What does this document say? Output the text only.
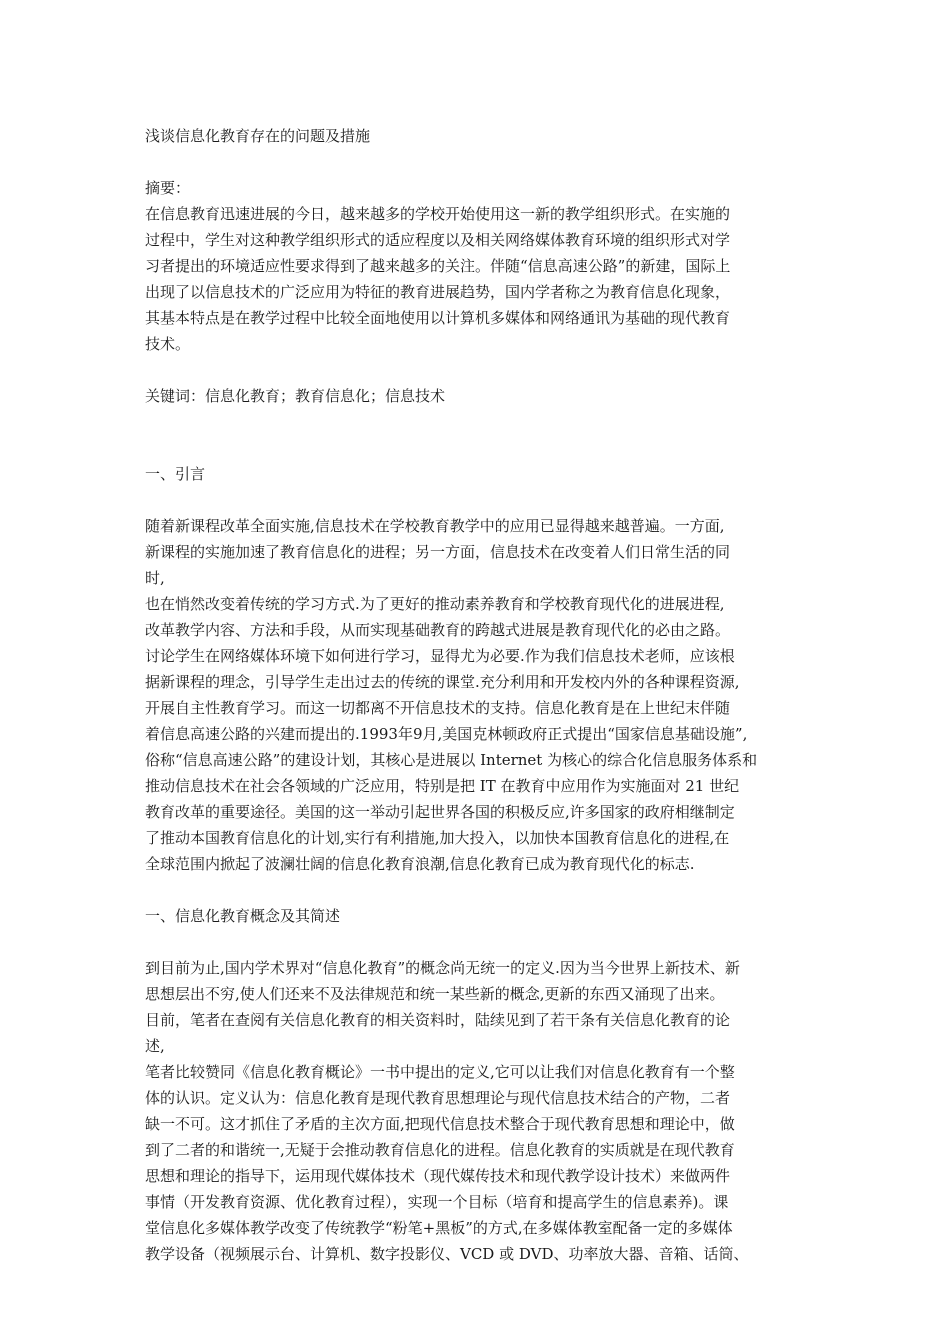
浅谈信息化教育存在的问题及措施
摘要：
在信息教育迅速进展的今日，越来越多的学校开始使用这一新的教学组织形式。在实施的
过程中，学生对这种教学组织形式的适应程度以及相关网络媒体教育环境的组织形式对学
习者提出的环境适应性要求得到了越来越多的关注。伴随“信息高速公路”的新建，国际上
出现了以信息技术的广泛应用为特征的教育进展趋势，国内学者称之为教育信息化现象，
其基本特点是在教学过程中比较全面地使用以计算机多媒体和网络通讯为基础的现代教育
技术。
关键词：信息化教育；教育信息化；信息技术
一、引言
随着新课程改革全面实施,信息技术在学校教育教学中的应用已显得越来越普遍。一方面,
新课程的实施加速了教育信息化的进程；另一方面，信息技术在改变着人们日常生活的同
时,
也在悄然改变着传统的学习方式.为了更好的推动素养教育和学校教育现代化的进展进程,
改革教学内容、方法和手段，从而实现基础教育的跨越式进展是教育现代化的必由之路。
讨论学生在网络媒体环境下如何进行学习，显得尤为必要.作为我们信息技术老师，应该根
据新课程的理念，引导学生走出过去的传统的课堂.充分利用和开发校内外的各种课程资源,
开展自主性教育学习。而这一切都离不开信息技术的支持。信息化教育是在上世纪末伴随
着信息高速公路的兴建而提出的.1993年9月,美国克林顿政府正式提出“国家信息基础设施”,
俗称“信息高速公路”的建设计划，其核心是进展以 Internet 为核心的综合化信息服务体系和
推动信息技术在社会各领域的广泛应用，特别是把 IT 在教育中应用作为实施面对 21 世纪
教育改革的重要途径。美国的这一举动引起世界各国的积极反应,许多国家的政府相继制定
了推动本国教育信息化的计划,实行有利措施,加大投入，以加快本国教育信息化的进程,在
全球范围内掀起了波澜壮阔的信息化教育浪潮,信息化教育已成为教育现代化的标志.
一、信息化教育概念及其简述
到目前为止,国内学术界对“信息化教育”的概念尚无统一的定义.因为当今世界上新技术、新
思想层出不穷,使人们还来不及法律规范和统一某些新的概念,更新的东西又涌现了出来。
目前，笔者在查阅有关信息化教育的相关资料时，陆续见到了若干条有关信息化教育的论
述,
笔者比较赞同《信息化教育概论》一书中提出的定义,它可以让我们对信息化教育有一个整
体的认识。定义认为：信息化教育是现代教育思想理论与现代信息技术结合的产物，二者
缺一不可。这才抓住了矛盾的主次方面,把现代信息技术整合于现代教育思想和理论中，做
到了二者的和谐统一,无疑于会推动教育信息化的进程。信息化教育的实质就是在现代教育
思想和理论的指导下，运用现代媒体技术（现代媒传技术和现代教学设计技术）来做两件
事情（开发教育资源、优化教育过程），实现一个目标（培育和提高学生的信息素养)。课
堂信息化多媒体教学改变了传统教学“粉笔+黑板”的方式,在多媒体教室配备一定的多媒体
教学设备（视频展示台、计算机、数字投影仪、VCD 或 DVD、功率放大器、音箱、话筒、
